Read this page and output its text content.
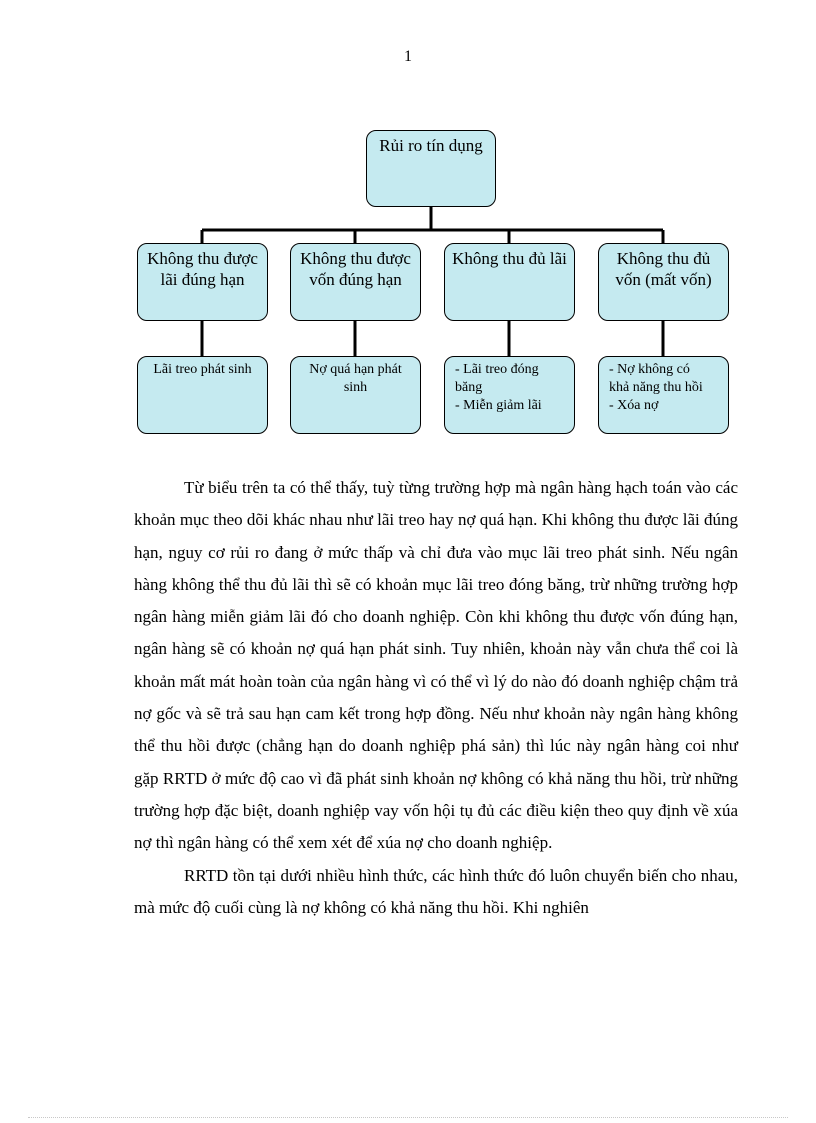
1
Rủi ro tín dụng
Không thu được
lãi đúng hạn
Không thu được
vốn đúng hạn
Không thu đủ lãi	Không thu đủ
vốn (mất vốn)
Lãi treo phát sinh	Nợ quá hạn phát
sinh
- Lãi treo đóng
băng
- Miễn giảm lãi
- Nợ không có
khả năng thu hồi
- Xóa nợ

Từ biểu trên ta có thể thấy, tuỳ từng trường hợp mà ngân hàng hạch toán vào các khoản mục theo dõi khác nhau như lãi treo hay nợ quá hạn. Khi không thu được lãi đúng hạn, nguy cơ rủi ro đang ở mức thấp và chỉ đưa vào mục lãi treo phát sinh. Nếu ngân hàng không thể thu đủ lãi thì sẽ có khoản mục lãi treo đóng băng, trừ những trường hợp ngân hàng miễn giảm lãi đó cho doanh nghiệp. Còn khi không thu được vốn đúng hạn, ngân hàng sẽ có khoản nợ quá hạn phát sinh. Tuy nhiên, khoản này vẫn chưa thể coi là khoản mất mát hoàn toàn của ngân hàng vì có thể vì lý do nào đó doanh nghiệp chậm trả nợ gốc và sẽ trả sau hạn cam kết trong hợp đồng. Nếu như khoản này ngân hàng không thể thu hồi được (chẳng hạn do doanh nghiệp phá sản) thì lúc này ngân hàng coi như gặp RRTD ở mức độ cao vì đã phát sinh khoản nợ không có khả năng thu hồi, trừ những trường hợp đặc biệt, doanh nghiệp vay vốn hội tụ đủ các điều kiện theo quy định về xúa nợ thì ngân hàng có thể xem xét để xúa nợ cho doanh nghiệp.

RRTD tồn tại dưới nhiều hình thức, các hình thức đó luôn chuyển biến cho nhau, mà mức độ cuối cùng là nợ không có khả năng thu hồi. Khi nghiên
